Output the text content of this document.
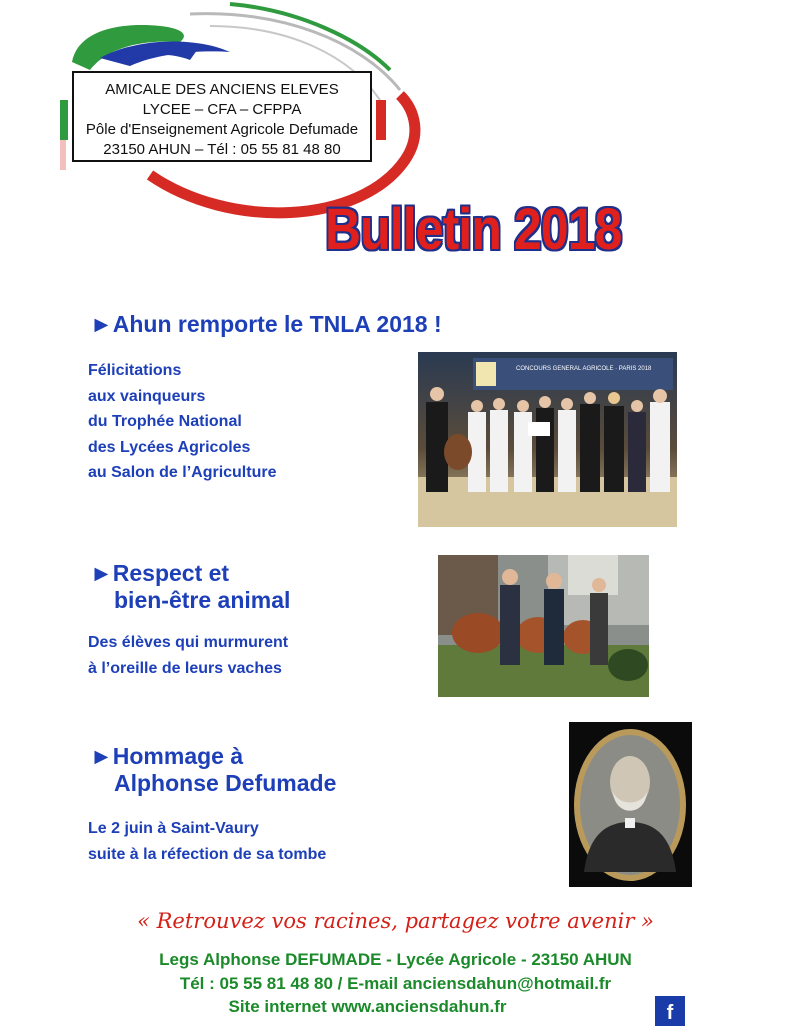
AMICALE DES ANCIENS ELEVES
LYCEE – CFA – CFPPA
Pôle d'Enseignement Agricole Defumade
23150 AHUN – Tél : 05 55 81 48 80
Bulletin 2018
►Ahun remporte le TNLA 2018 !
Félicitations
aux vainqueurs
du Trophée National
des Lycées Agricoles
au Salon de l’Agriculture
CONCOURS GENERAL AGRICOLE · PARIS 2018
►Respect et
bien-être animal
Des élèves qui murmurent
à l’oreille de leurs vaches
►Hommage à
Alphonse Defumade
Le 2 juin à Saint-Vaury
suite à la réfection de sa tombe
« Retrouvez vos racines, partagez votre avenir »
Legs Alphonse DEFUMADE - Lycée Agricole - 23150 AHUN
Tél : 05 55 81 48 80 / E-mail anciensdahun@hotmail.fr
Site internet www.anciensdahun.fr	f
